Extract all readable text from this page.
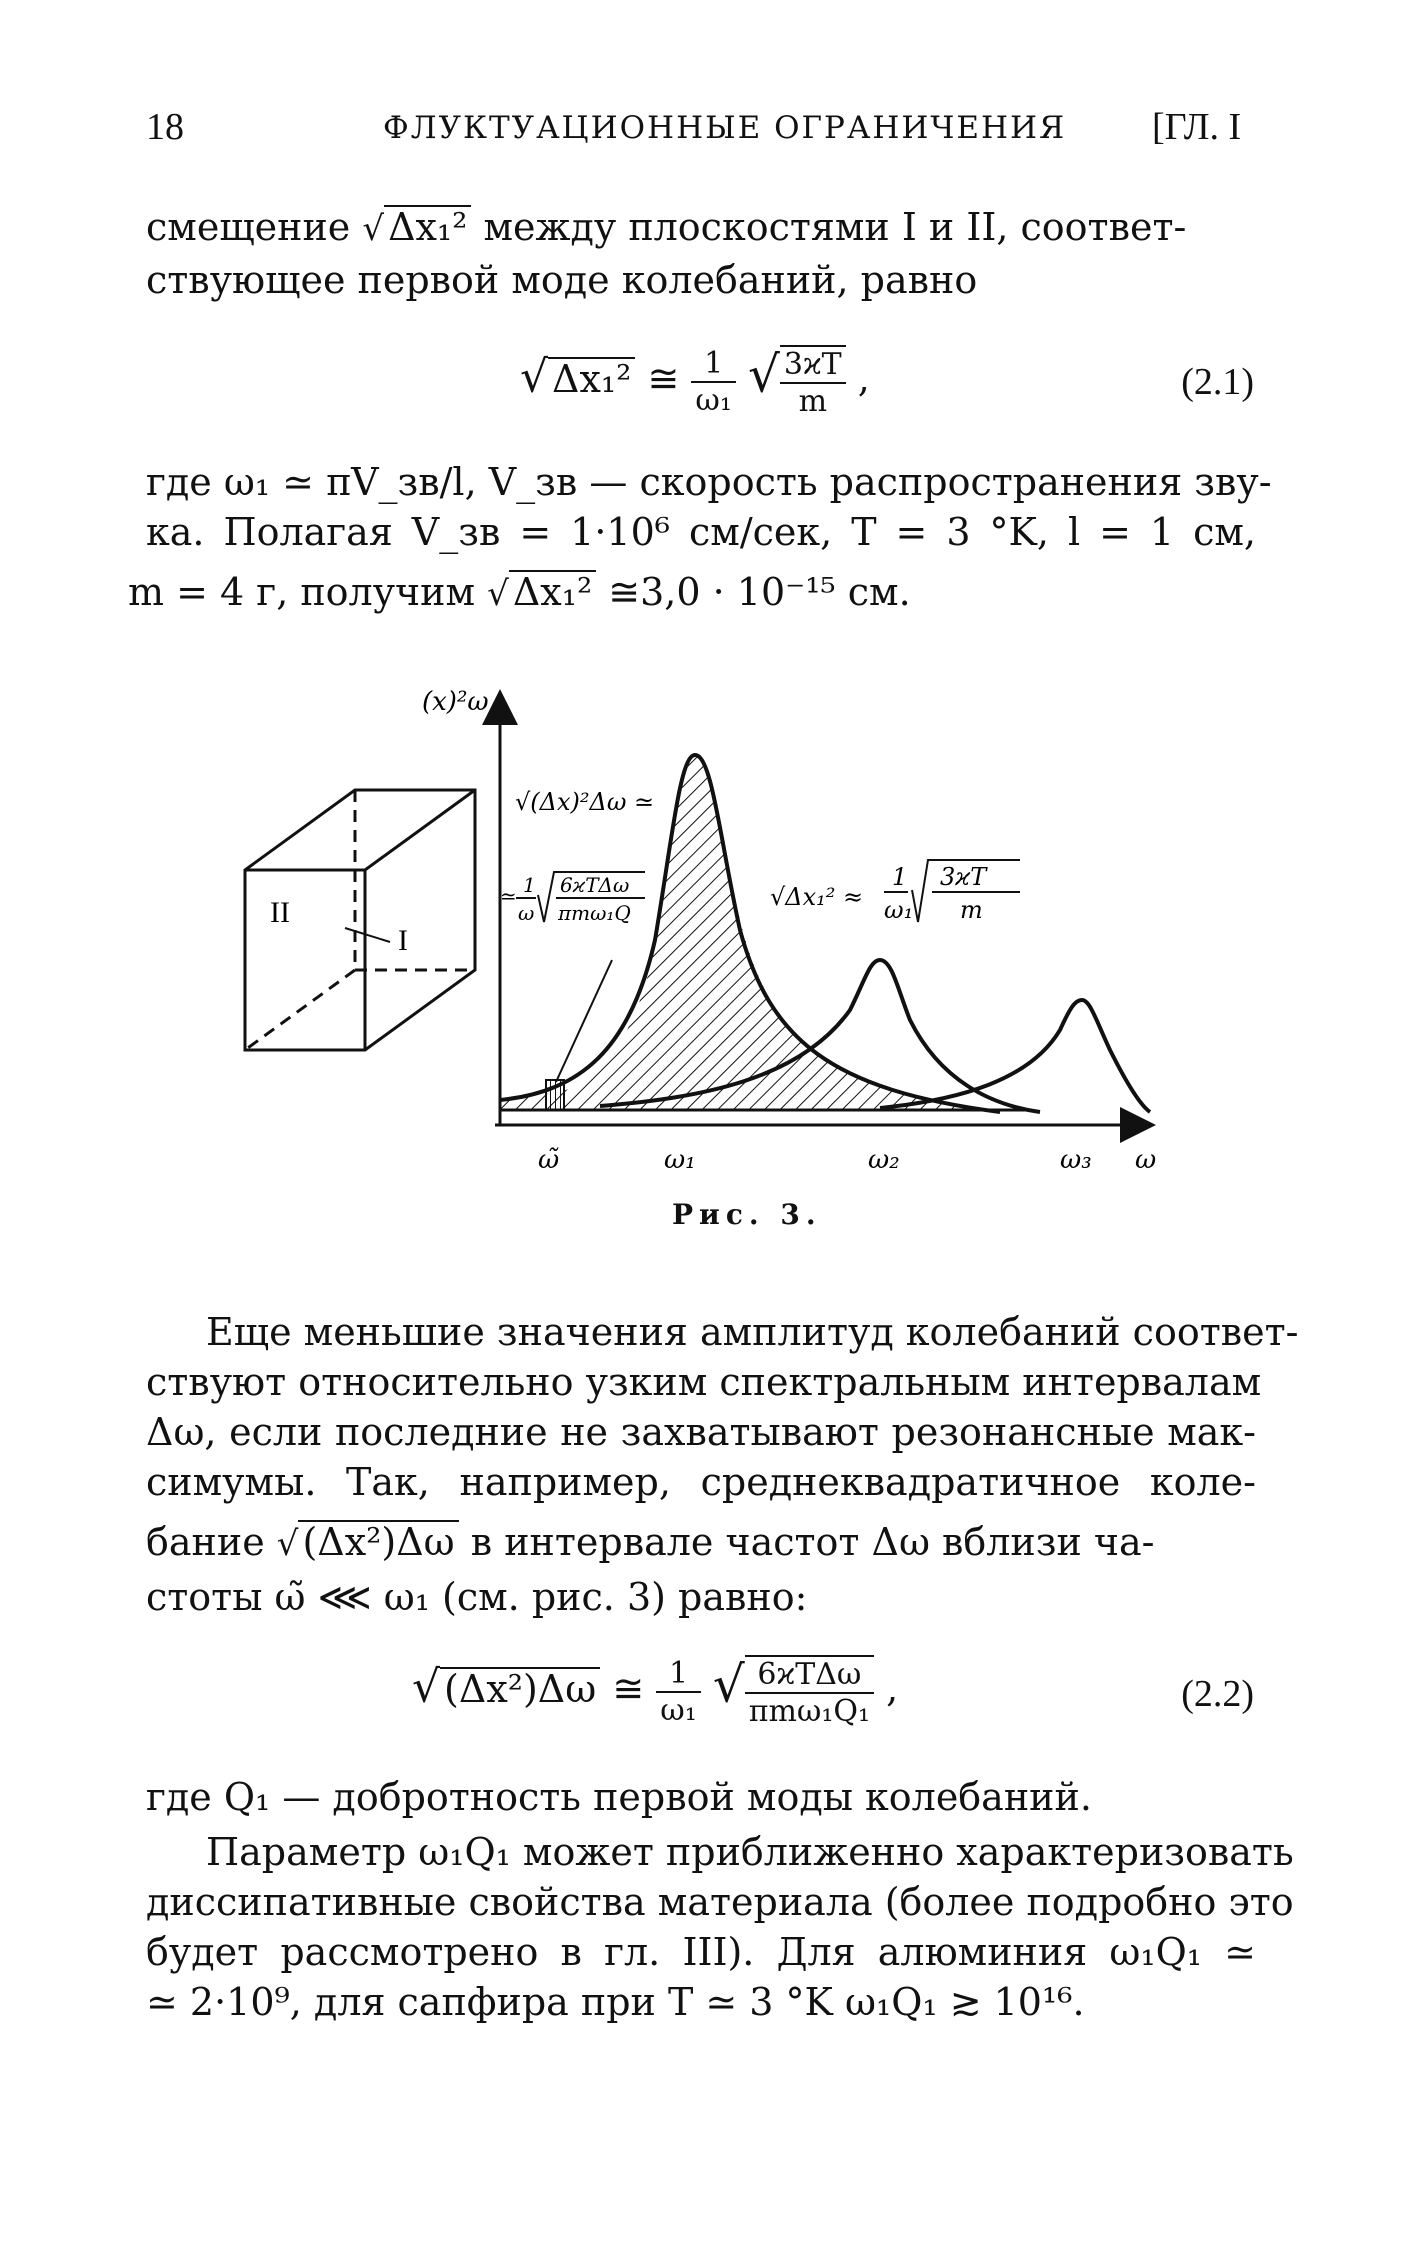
18	ФЛУКТУАЦИОННЫЕ ОГРАНИЧЕНИЯ [ГЛ. I
смещение √ Δx₁² между плоскостями I и II, соответ-
ствующее первой моде колебаний, равно
√ Δx₁² ≅ $\frac{1}{\text{ω₁}}$ √ $\frac{3ϰT}{m}$ ,	(2.1)
где ω₁ ≃ πV_зв/l, V_зв — скорость распространения зву-
ка. Полагая V_зв = 1·10⁶ см/сек, T = 3 °K, l = 1 см,
m = 4 г, получим √ Δx₁² ≅3,0 · 10⁻¹⁵ см.
II
I
(x)²ω
√(Δx)²Δω ≃
≃ 1
ω
6ϰTΔω
πmω₁Q
√Δx₁² ≈
1
ω₁
3ϰT
m
ω̃	ω₁	ω₂	ω₃ ω
Рис. 3.
Еще меньшие значения амплитуд колебаний соответ-
ствуют относительно узким спектральным интервалам
Δω, если последние не захватывают резонансные мак-
симумы. Так, например, среднеквадратичное коле-
бание √ (Δx²)Δω в интервале частот Δω вблизи ча-
стоты ω̃ ⋘ ω₁ (см. рис. 3) равно:
√ (Δx²)Δω ≅ $\frac{1}{\text{ω₁}}$ √ $\frac{\text{6ϰTΔω}}{\text{πmω₁Q₁}}$ ,	(2.2)
где Q₁ — добротность первой моды колебаний.
Параметр ω₁Q₁ может приближенно характеризовать
диссипативные свойства материала (более подробно это
будет рассмотрено в гл. III). Для алюминия ω₁Q₁ ≃
≃ 2·10⁹, для сапфира при T ≃ 3 °K ω₁Q₁ ≳ 10¹⁶.
